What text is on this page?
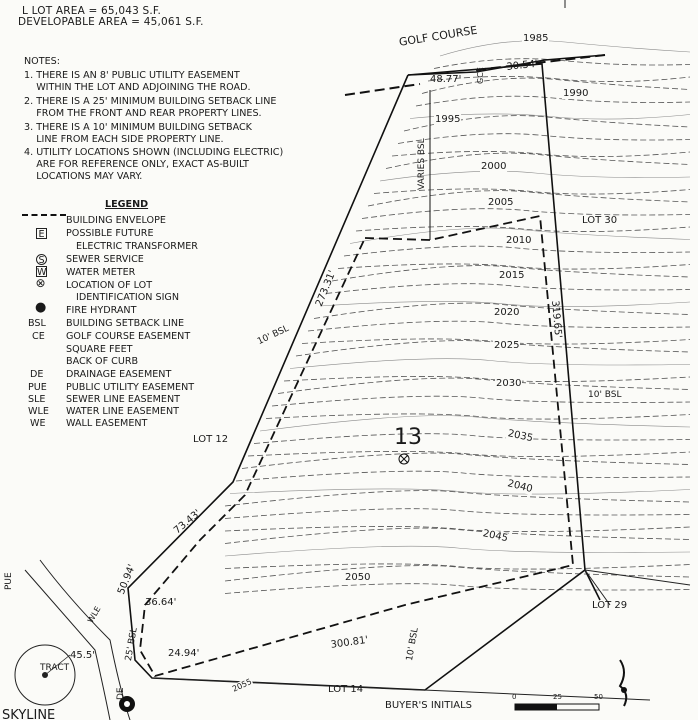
L LOT AREA = 65,043 S.F.
DEVELOPABLE AREA = 45,061 S.F.
NOTES:
1. THERE IS AN 8' PUBLIC UTILITY EASEMENT
WITHIN THE LOT AND ADJOINING THE ROAD.
2. THERE IS A 25' MINIMUM BUILDING SETBACK LINE
FROM THE FRONT AND REAR PROPERTY LINES.
3. THERE IS A 10' MINIMUM BUILDING SETBACK
LINE FROM EACH SIDE PROPERTY LINE.
4. UTILITY LOCATIONS SHOWN (INCLUDING ELECTRIC)
ARE FOR REFERENCE ONLY, EXACT AS-BUILT
LOCATIONS MAY VARY.
LEGEND
BUILDING ENVELOPE
E POSSIBLE FUTURE
ELECTRIC TRANSFORMER
S SEWER SERVICE
W WATER METER
⊗ LOCATION OF LOT
IDENTIFICATION SIGN
● FIRE HYDRANT
BSL BUILDING SETBACK LINE
CE GOLF COURSE EASEMENT
SQUARE FEET
BACK OF CURB
DE DRAINAGE EASEMENT
PUE PUBLIC UTILITY EASEMENT
SLE SEWER LINE EASEMENT
WLE WATER LINE EASEMENT
WE WALL EASEMENT
GOLF COURSE
13
LOT 30
LOT 12
LOT 29
LOT 14
TRACT
SKYLINE
BUYER'S INITIALS
0	25	50
1985
1990
1995
2000
2005
2010
2015
2020
2025
2030
2035
2040
2045
2050
2055
48.77'
30.54'
273.31'
319.65'
73.43'
50.94'
36.64'
24.94'
300.81'
45.5'
VARIES BSL
10' BSL
10' BSL
10' BSL
25' BSL
GCE
PUE
DE
WLE
